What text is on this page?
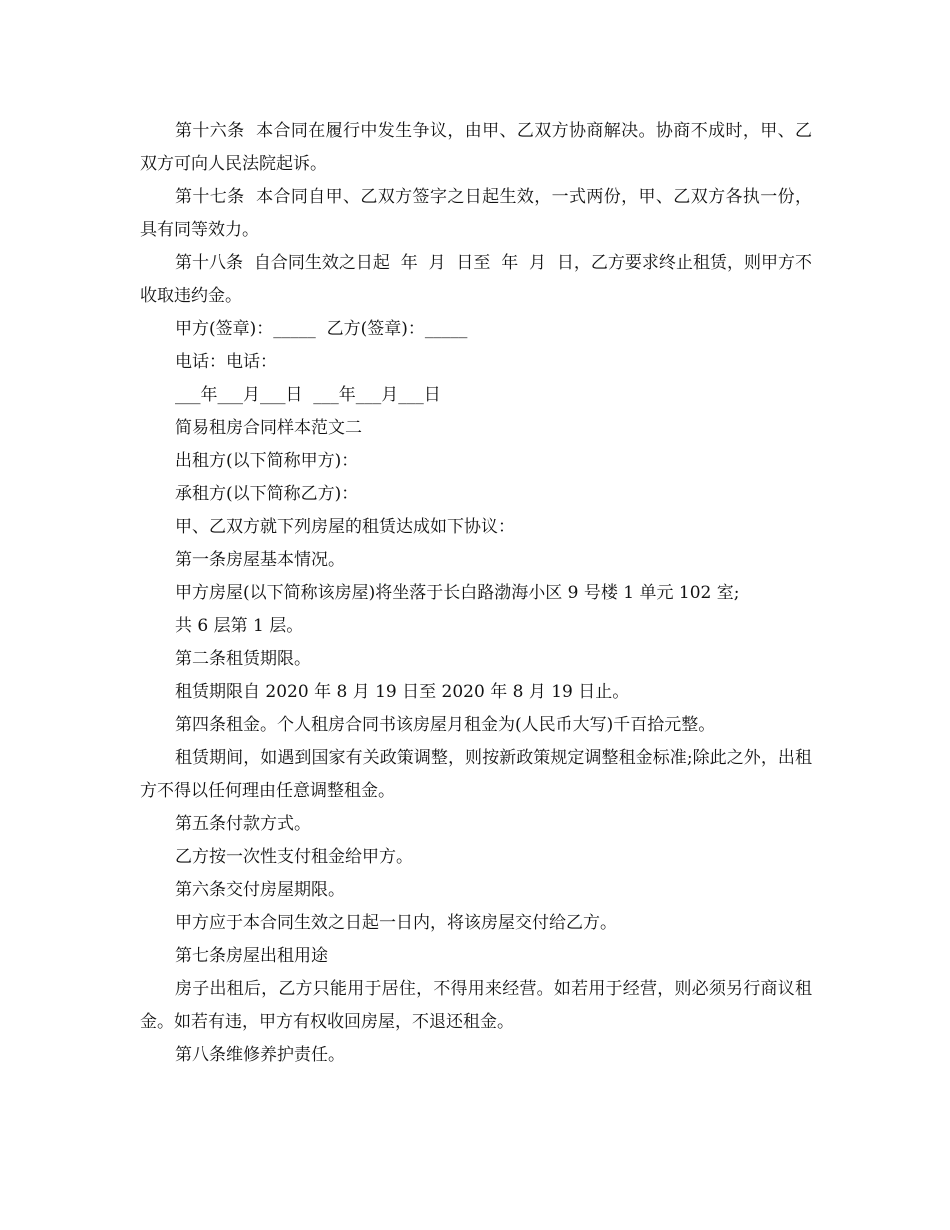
第十六条  本合同在履行中发生争议，由甲、乙双方协商解决。协商不成时，甲、乙双方可向人民法院起诉。

第十七条  本合同自甲、乙双方签字之日起生效，一式两份，甲、乙双方各执一份，具有同等效力。

第十八条  自合同生效之日起  年  月  日至  年  月  日，乙方要求终止租赁，则甲方不收取违约金。

甲方(签章)：_____  乙方(签章)：_____

电话：电话：

___年___月___日  ___年___月___日

简易租房合同样本范文二

出租方(以下简称甲方)：

承租方(以下简称乙方)：

甲、乙双方就下列房屋的租赁达成如下协议：

第一条房屋基本情况。

甲方房屋(以下简称该房屋)将坐落于长白路渤海小区 9 号楼 1 单元 102 室;

共 6 层第 1 层。

第二条租赁期限。

租赁期限自 2020 年 8 月 19 日至 2020 年 8 月 19 日止。

第四条租金。个人租房合同书该房屋月租金为(人民币大写)千百拾元整。

租赁期间，如遇到国家有关政策调整，则按新政策规定调整租金标准;除此之外，出租方不得以任何理由任意调整租金。

第五条付款方式。

乙方按一次性支付租金给甲方。

第六条交付房屋期限。

甲方应于本合同生效之日起一日内，将该房屋交付给乙方。

第七条房屋出租用途

房子出租后，乙方只能用于居住，不得用来经营。如若用于经营，则必须另行商议租金。如若有违，甲方有权收回房屋，不退还租金。

第八条维修养护责任。
